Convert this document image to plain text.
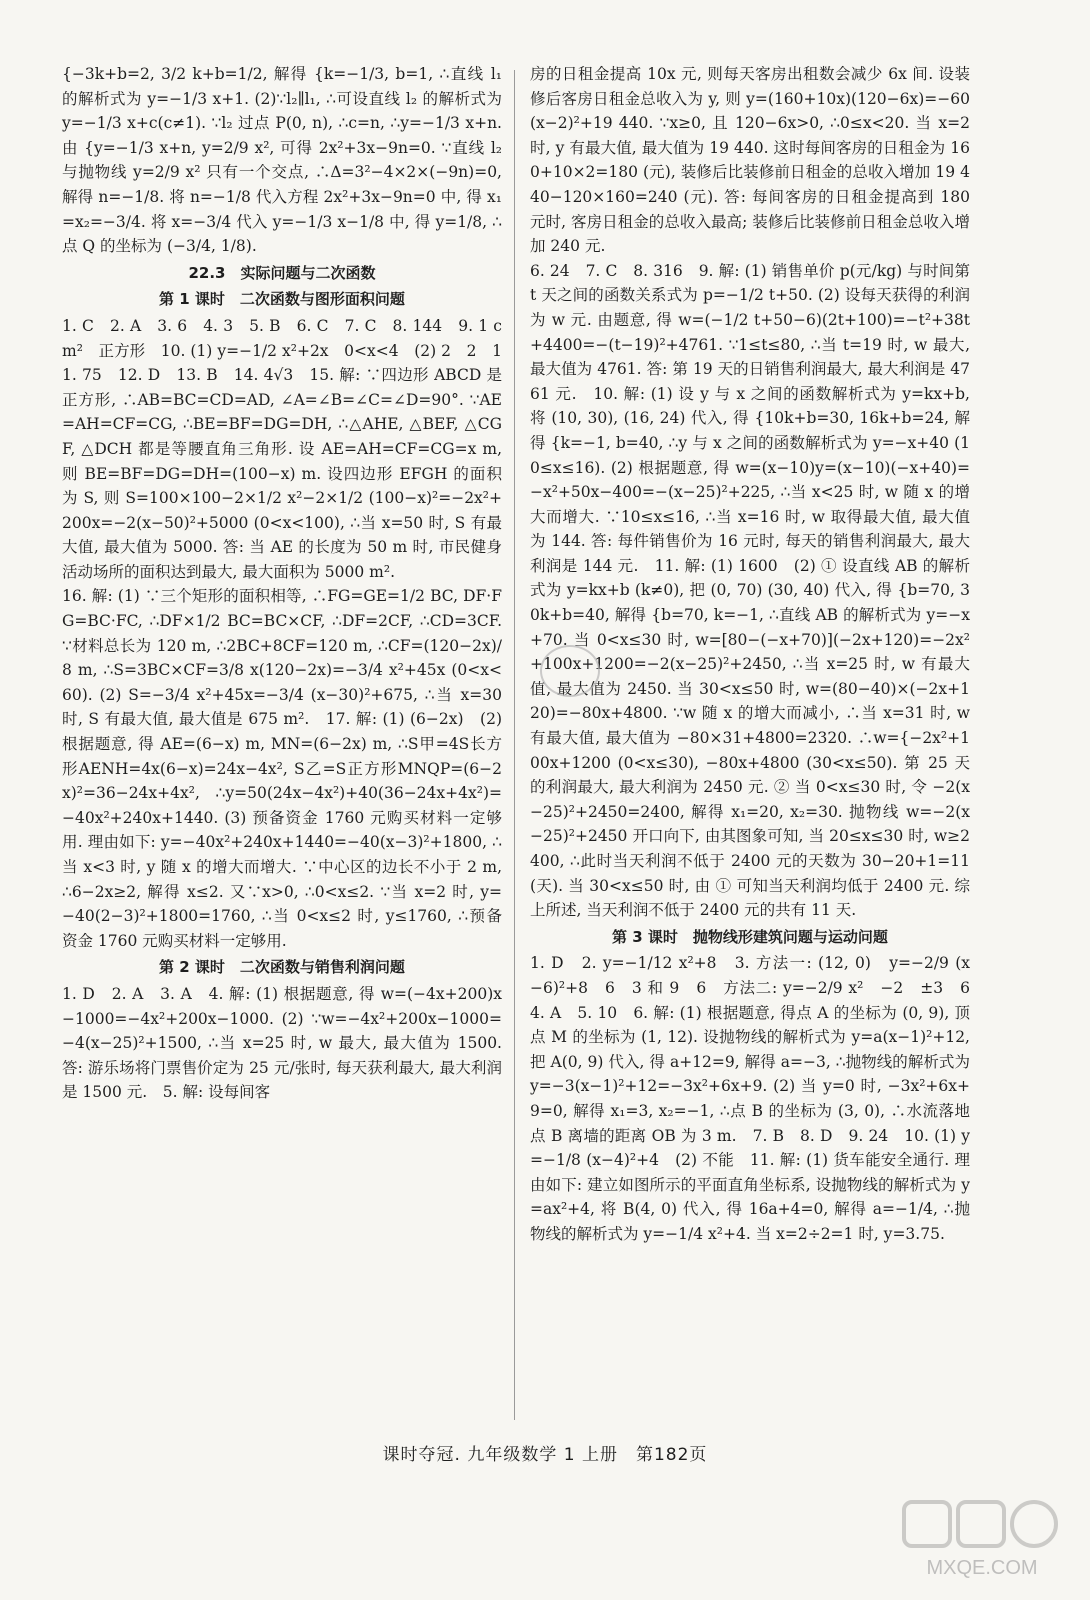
{−3k+b=2, 3/2 k+b=1/2, 解得 {k=−1/3, b=1, ∴直线 l₁ 的解析式为 y=−1/3 x+1. (2)∵l₂∥l₁, ∴可设直线 l₂ 的解析式为 y=−1/3 x+c(c≠1). ∵l₂ 过点 P(0, n), ∴c=n, ∴y=−1/3 x+n. 由 {y=−1/3 x+n, y=2/9 x², 可得 2x²+3x−9n=0. ∵直线 l₂ 与抛物线 y=2/9 x² 只有一个交点, ∴Δ=3²−4×2×(−9n)=0, 解得 n=−1/8. 将 n=−1/8 代入方程 2x²+3x−9n=0 中, 得 x₁=x₂=−3/4. 将 x=−3/4 代入 y=−1/3 x−1/8 中, 得 y=1/8, ∴点 Q 的坐标为 (−3/4, 1/8).

22.3　实际问题与二次函数

第 1 课时　二次函数与图形面积问题

1. C　2. A　3. 6　4. 3　5. B　6. C　7. C　8. 144　9. 1 cm²　正方形　10. (1) y=−1/2 x²+2x　0<x<4　(2) 2　2　11. 75　12. D　13. B　14. 4√3　15. 解: ∵四边形 ABCD 是正方形, ∴AB=BC=CD=AD, ∠A=∠B=∠C=∠D=90°. ∵AE=AH=CF=CG, ∴BE=BF=DG=DH, ∴△AHE, △BEF, △CGF, △DCH 都是等腰直角三角形. 设 AE=AH=CF=CG=x m, 则 BE=BF=DG=DH=(100−x) m. 设四边形 EFGH 的面积为 S, 则 S=100×100−2×1/2 x²−2×1/2 (100−x)²=−2x²+200x=−2(x−50)²+5000 (0<x<100), ∴当 x=50 时, S 有最大值, 最大值为 5000. 答: 当 AE 的长度为 50 m 时, 市民健身活动场所的面积达到最大, 最大面积为 5000 m².

16. 解: (1) ∵三个矩形的面积相等, ∴FG=GE=1/2 BC, DF·FG=BC·FC, ∴DF×1/2 BC=BC×CF, ∴DF=2CF, ∴CD=3CF. ∵材料总长为 120 m, ∴2BC+8CF=120 m, ∴CF=(120−2x)/8 m, ∴S=3BC×CF=3/8 x(120−2x)=−3/4 x²+45x (0<x<60). (2) S=−3/4 x²+45x=−3/4 (x−30)²+675, ∴当 x=30 时, S 有最大值, 最大值是 675 m².　17. 解: (1) (6−2x)　(2) 根据题意, 得 AE=(6−x) m, MN=(6−2x) m, ∴S甲=4S长方形AENH=4x(6−x)=24x−4x², S乙=S正方形MNQP=(6−2x)²=36−24x+4x², ∴y=50(24x−4x²)+40(36−24x+4x²)=−40x²+240x+1440. (3) 预备资金 1760 元购买材料一定够用. 理由如下: y=−40x²+240x+1440=−40(x−3)²+1800, ∴当 x<3 时, y 随 x 的增大而增大. ∵中心区的边长不小于 2 m, ∴6−2x≥2, 解得 x≤2. 又∵x>0, ∴0<x≤2. ∵当 x=2 时, y=−40(2−3)²+1800=1760, ∴当 0<x≤2 时, y≤1760, ∴预备资金 1760 元购买材料一定够用.

第 2 课时　二次函数与销售利润问题

1. D　2. A　3. A　4. 解: (1) 根据题意, 得 w=(−4x+200)x−1000=−4x²+200x−1000. (2) ∵w=−4x²+200x−1000=−4(x−25)²+1500, ∴当 x=25 时, w 最大, 最大值为 1500. 答: 游乐场将门票售价定为 25 元/张时, 每天获利最大, 最大利润是 1500 元.　5. 解: 设每间客

房的日租金提高 10x 元, 则每天客房出租数会减少 6x 间. 设装修后客房日租金总收入为 y, 则 y=(160+10x)(120−6x)=−60(x−2)²+19 440. ∵x≥0, 且 120−6x>0, ∴0≤x<20. 当 x=2 时, y 有最大值, 最大值为 19 440. 这时每间客房的日租金为 160+10×2=180 (元), 装修后比装修前日租金的总收入增加 19 440−120×160=240 (元). 答: 每间客房的日租金提高到 180 元时, 客房日租金的总收入最高; 装修后比装修前日租金总收入增加 240 元.

6. 24　7. C　8. 316　9. 解: (1) 销售单价 p(元/kg) 与时间第 t 天之间的函数关系式为 p=−1/2 t+50. (2) 设每天获得的利润为 w 元. 由题意, 得 w=(−1/2 t+50−6)(2t+100)=−t²+38t+4400=−(t−19)²+4761. ∵1≤t≤80, ∴当 t=19 时, w 最大, 最大值为 4761. 答: 第 19 天的日销售利润最大, 最大利润是 4761 元.　10. 解: (1) 设 y 与 x 之间的函数解析式为 y=kx+b, 将 (10, 30), (16, 24) 代入, 得 {10k+b=30, 16k+b=24, 解得 {k=−1, b=40, ∴y 与 x 之间的函数解析式为 y=−x+40 (10≤x≤16). (2) 根据题意, 得 w=(x−10)y=(x−10)(−x+40)=−x²+50x−400=−(x−25)²+225, ∴当 x<25 时, w 随 x 的增大而增大. ∵10≤x≤16, ∴当 x=16 时, w 取得最大值, 最大值为 144. 答: 每件销售价为 16 元时, 每天的销售利润最大, 最大利润是 144 元.　11. 解: (1) 1600　(2) ① 设直线 AB 的解析式为 y=kx+b (k≠0), 把 (0, 70) (30, 40) 代入, 得 {b=70, 30k+b=40, 解得 {b=70, k=−1, ∴直线 AB 的解析式为 y=−x+70. 当 0<x≤30 时, w=[80−(−x+70)](−2x+120)=−2x²+100x+1200=−2(x−25)²+2450, ∴当 x=25 时, w 有最大值, 最大值为 2450. 当 30<x≤50 时, w=(80−40)×(−2x+120)=−80x+4800. ∵w 随 x 的增大而减小, ∴当 x=31 时, w 有最大值, 最大值为 −80×31+4800=2320. ∴w={−2x²+100x+1200 (0<x≤30), −80x+4800 (30<x≤50). 第 25 天的利润最大, 最大利润为 2450 元. ② 当 0<x≤30 时, 令 −2(x−25)²+2450=2400, 解得 x₁=20, x₂=30. 抛物线 w=−2(x−25)²+2450 开口向下, 由其图象可知, 当 20≤x≤30 时, w≥2400, ∴此时当天利润不低于 2400 元的天数为 30−20+1=11 (天). 当 30<x≤50 时, 由 ① 可知当天利润均低于 2400 元. 综上所述, 当天利润不低于 2400 元的共有 11 天.

第 3 课时　抛物线形建筑问题与运动问题

1. D　2. y=−1/12 x²+8　3. 方法一: (12, 0)　y=−2/9 (x−6)²+8　6　3 和 9　6　方法二: y=−2/9 x²　−2　±3　6　4. A　5. 10　6. 解: (1) 根据题意, 得点 A 的坐标为 (0, 9), 顶点 M 的坐标为 (1, 12). 设抛物线的解析式为 y=a(x−1)²+12, 把 A(0, 9) 代入, 得 a+12=9, 解得 a=−3, ∴抛物线的解析式为 y=−3(x−1)²+12=−3x²+6x+9. (2) 当 y=0 时, −3x²+6x+9=0, 解得 x₁=3, x₂=−1, ∴点 B 的坐标为 (3, 0), ∴水流落地点 B 离墙的距离 OB 为 3 m.　7. B　8. D　9. 24　10. (1) y=−1/8 (x−4)²+4　(2) 不能　11. 解: (1) 货车能安全通行. 理由如下: 建立如图所示的平面直角坐标系, 设抛物线的解析式为 y=ax²+4, 将 B(4, 0) 代入, 得 16a+4=0, 解得 a=−1/4, ∴抛物线的解析式为 y=−1/4 x²+4. 当 x=2÷2=1 时, y=3.75.

课时夺冠. 九年级数学 1 上册　第182页
MXQE.COM
